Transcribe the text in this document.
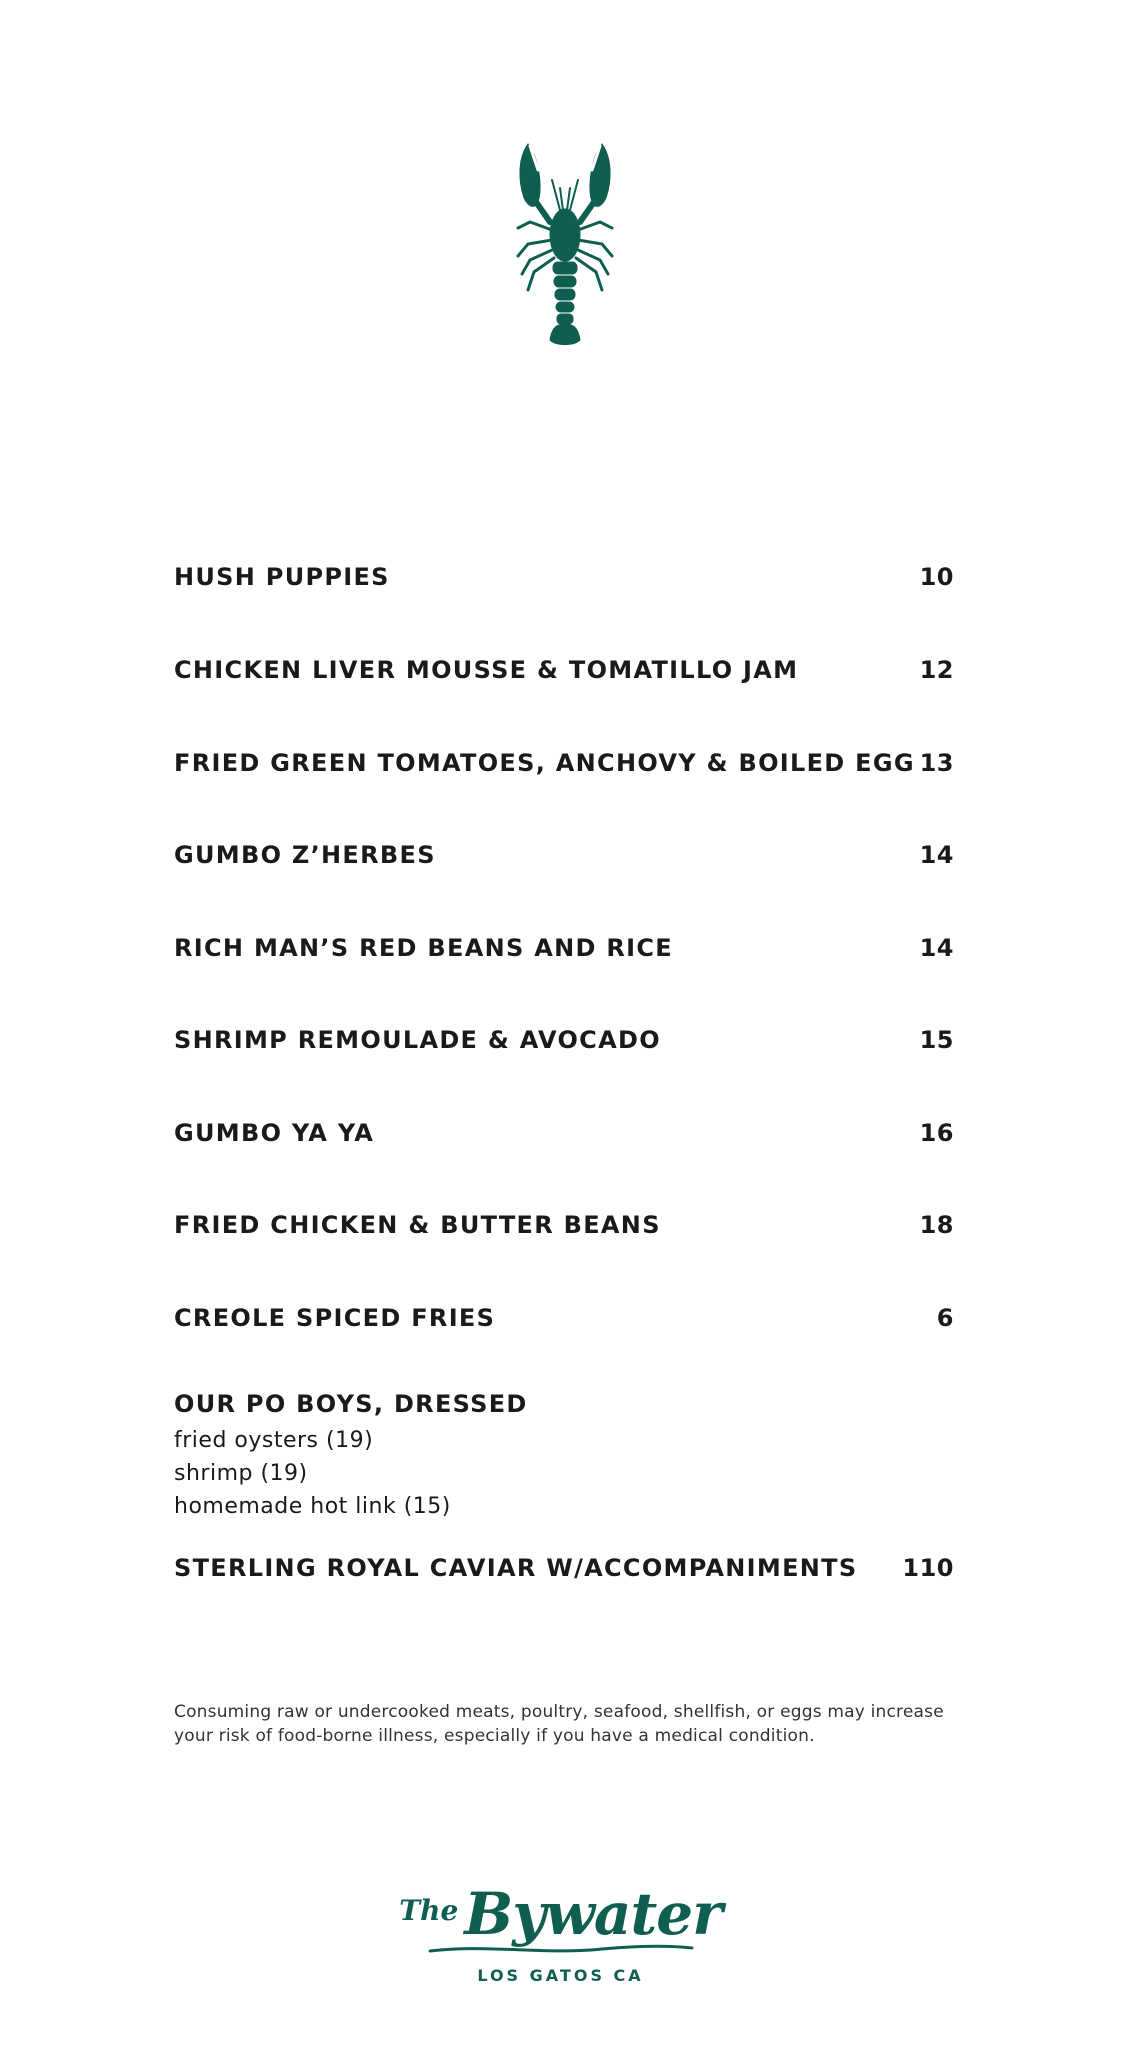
HUSH PUPPIES	10
CHICKEN LIVER MOUSSE & TOMATILLO JAM	12
FRIED GREEN TOMATOES, ANCHOVY & BOILED EGG 13
GUMBO Z’HERBES	14
RICH MAN’S RED BEANS AND RICE	14
SHRIMP REMOULADE & AVOCADO	15
GUMBO YA YA	16
FRIED CHICKEN & BUTTER BEANS	18
CREOLE SPICED FRIES	6
OUR PO BOYS, DRESSED
fried oysters (19)
shrimp (19)
homemade hot link (15)
STERLING ROYAL CAVIAR W/ACCOMPANIMENTS 110

Consuming raw or undercooked meats, poultry, seafood, shellfish, or eggs may increase your risk of food-borne illness, especially if you have a medical condition.

The Bywater
LOS GATOS CA
